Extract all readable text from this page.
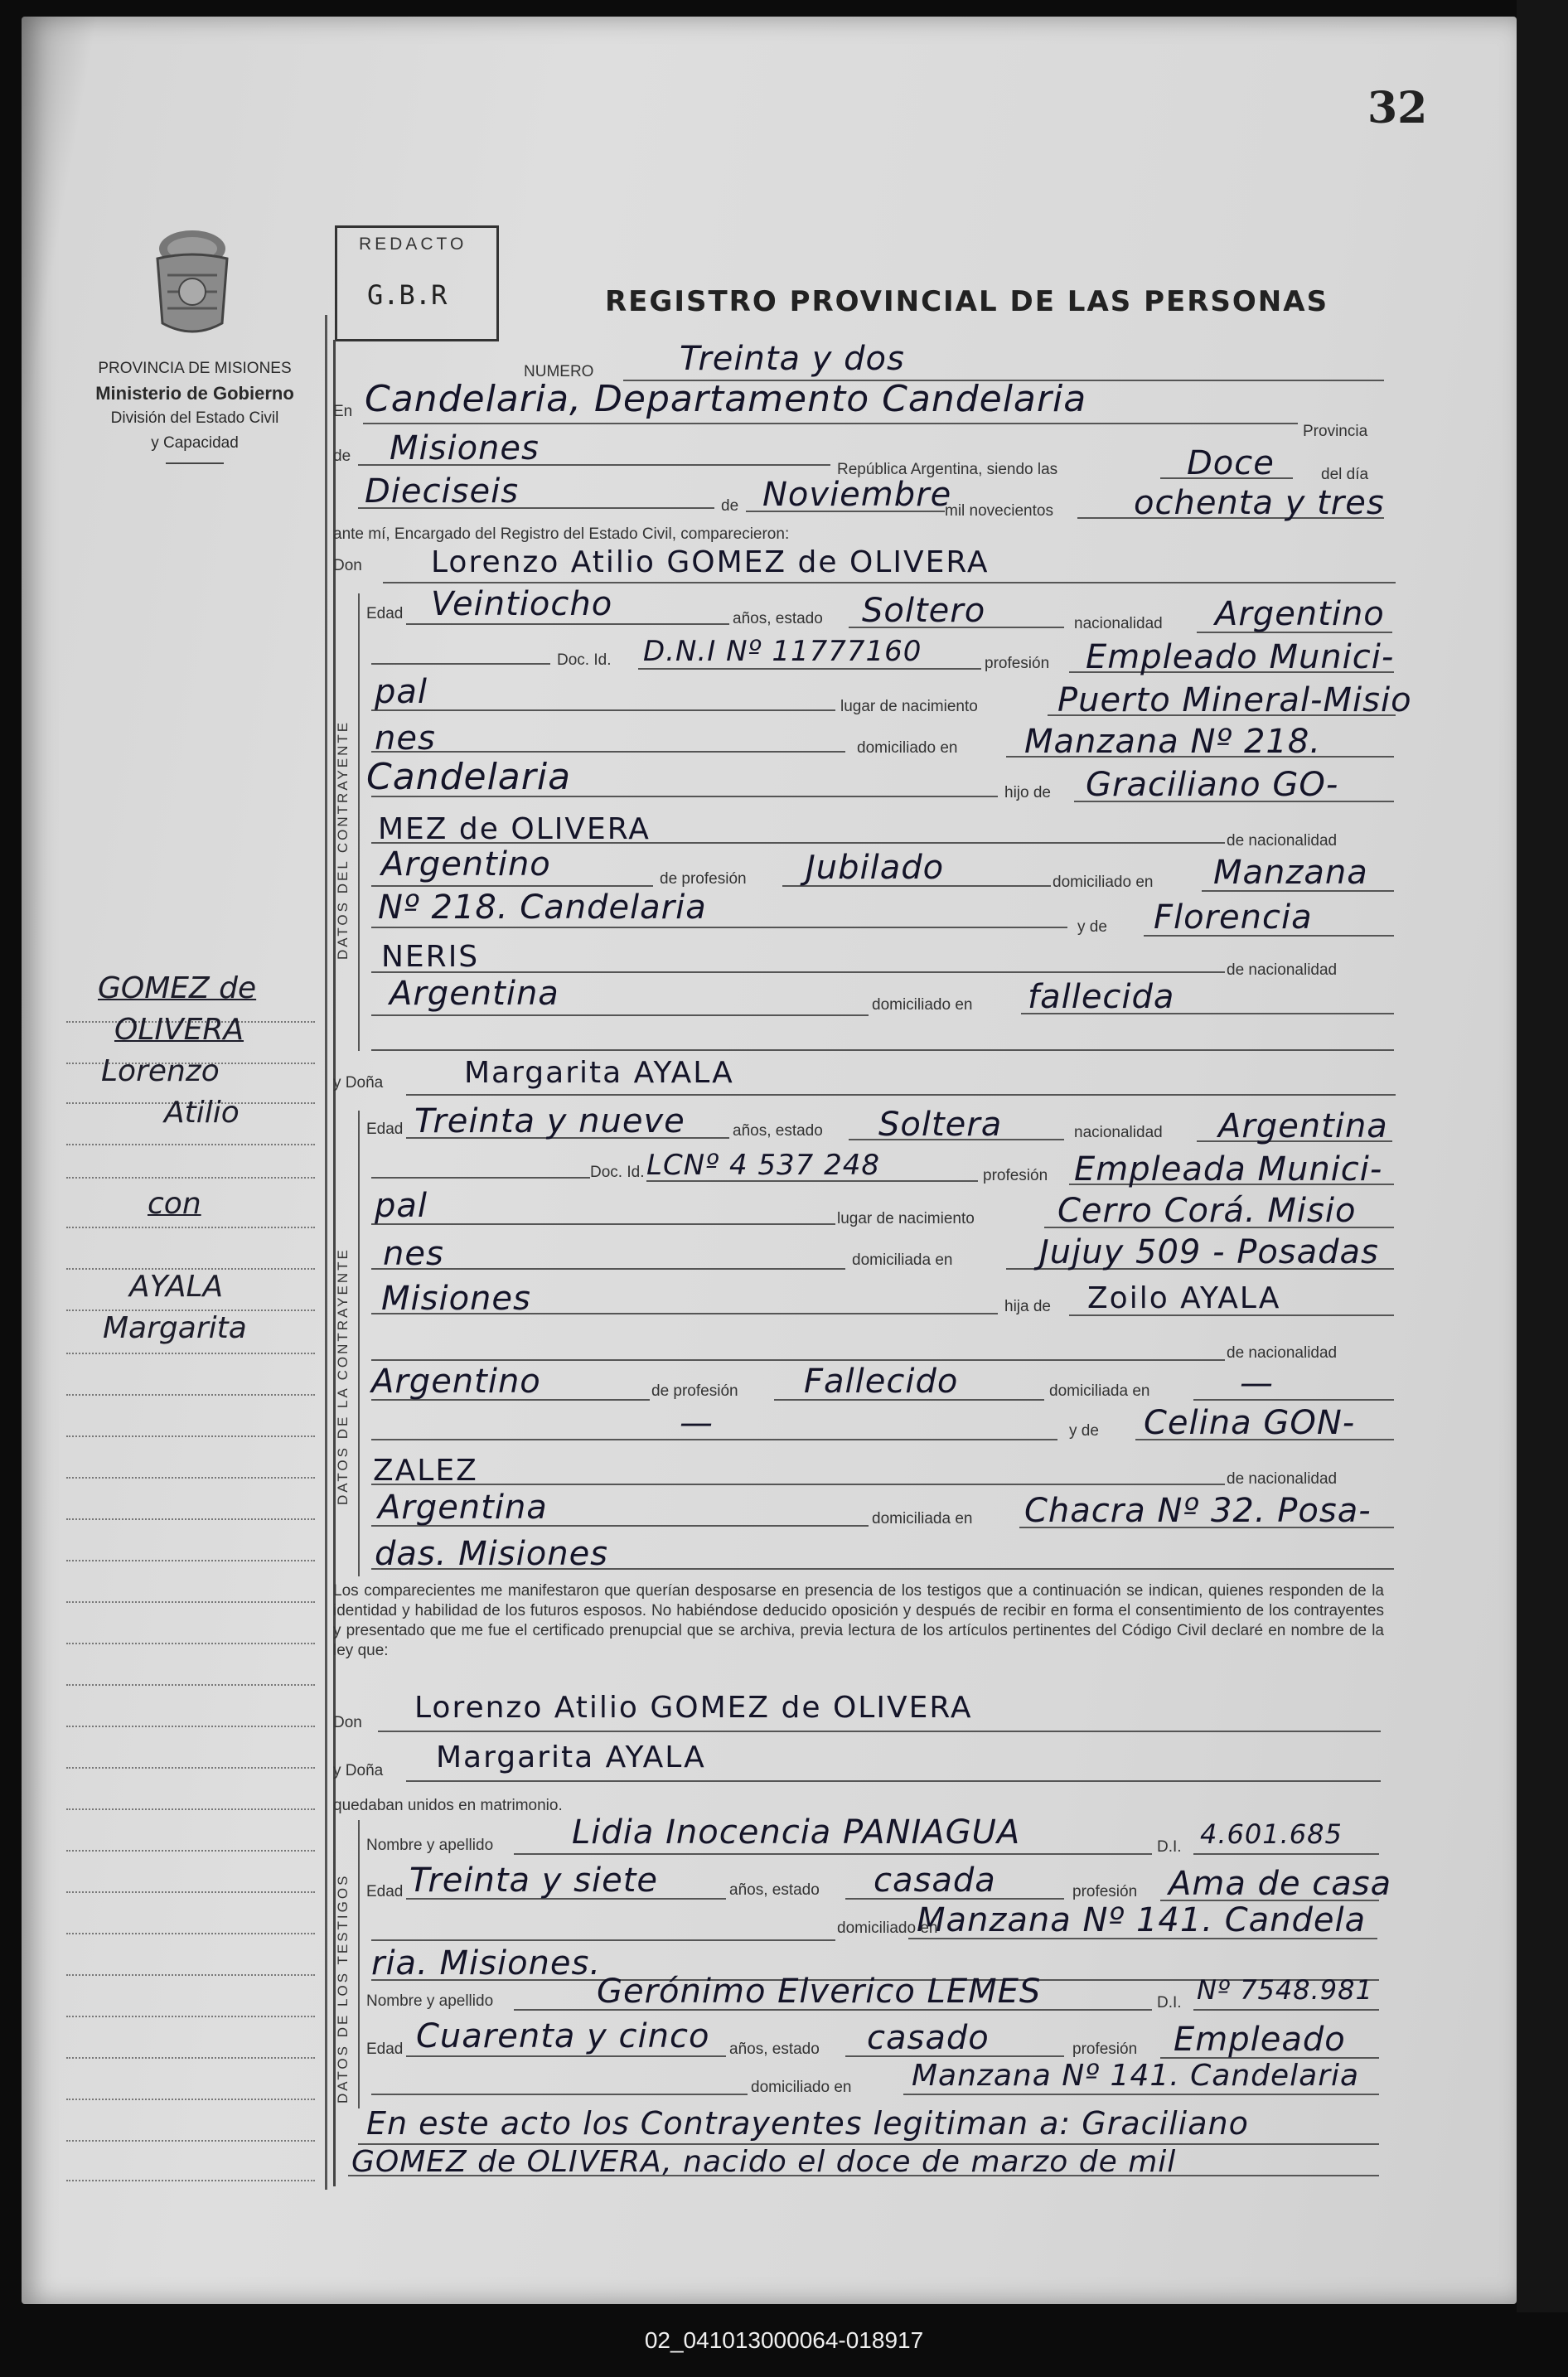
32
PROVINCIA DE MISIONES
Ministerio de Gobierno
División del Estado Civil
y Capacidad
REDACTO
G.B.R	REGISTRO PROVINCIAL DE LAS PERSONAS
GOMEZ de
OLIVERA
Lorenzo
Atilio
con
AYALA
Margarita
NUMERO	Treinta y dos
En Candelaria, Departamento Candelaria
Provincia
de Misiones
República Argentina, siendo las	Doce	del día
Dieciseis	de Noviembre
mil novecientos ochenta y tres
ante mí, Encargado del Registro del Estado Civil, comparecieron:
Don Lorenzo Atilio GOMEZ de OLIVERA
DATOS DEL CONTRAYENTE
Edad Veintiocho	años, estado Soltero	nacionalidad Argentino
Doc. Id. D.N.I Nº 11777160	profesión Empleado Munici-
pal	lugar de nacimiento Puerto Mineral-Misio
nes	domiciliado en Manzana Nº 218.
Candelaria	hijo de Graciliano GO-
MEZ de OLIVERA	de nacionalidad
Argentino	de profesión Jubilado	domiciliado en Manzana
Nº 218. Candelaria
y de Florencia
NERIS	de nacionalidad
Argentina	domiciliado en fallecida
y Doña	Margarita AYALA
DATOS DE LA CONTRAYENTE
Edad Treinta y nueve	años, estado Soltera	nacionalidad Argentina
Doc. Id. LCNº 4 537 248	profesión Empleada Munici-
pal	lugar de nacimiento	Cerro Corá. Misio
nes	domiciliada en	Jujuy 509 - Posadas
Misiones	hija de Zoilo AYALA
de nacionalidad
Argentino	de profesión Fallecido	domiciliada en	—
—	y de Celina GON-
ZALEZ	de nacionalidad
Argentina	domiciliada en Chacra Nº 32. Posa-
das. Misiones
Los comparecientes me manifestaron que querían desposarse en presencia de los testigos que a continuación se indican, quienes responden de la identidad y habilidad de los futuros esposos. No habiéndose deducido oposición y después de recibir en forma el consentimiento de los contrayentes y presentado que me fue el certificado prenupcial que se archiva, previa lectura de los artículos pertinentes del Código Civil declaré en nombre de la ley que:
Don Lorenzo Atilio GOMEZ de OLIVERA
y Doña Margarita AYALA
quedaban unidos en matrimonio.
DATOS DE LOS TESTIGOS
Nombre y apellido Lidia Inocencia PANIAGUA	D.I. 4.601.685
Edad Treinta y siete	años, estado casada	profesión Ama de casa
domiciliado en
Manzana Nº 141. Candela
ria. Misiones.
Nombre y apellido	Gerónimo Elverico LEMES	D.I. Nº 7548.981
Edad Cuarenta y cinco años, estado casado	profesión Empleado
domiciliado en Manzana Nº 141. Candelaria
En este acto los Contrayentes legitiman a: Graciliano
GOMEZ de OLIVERA, nacido el doce de marzo de mil
02_041013000064-018917
